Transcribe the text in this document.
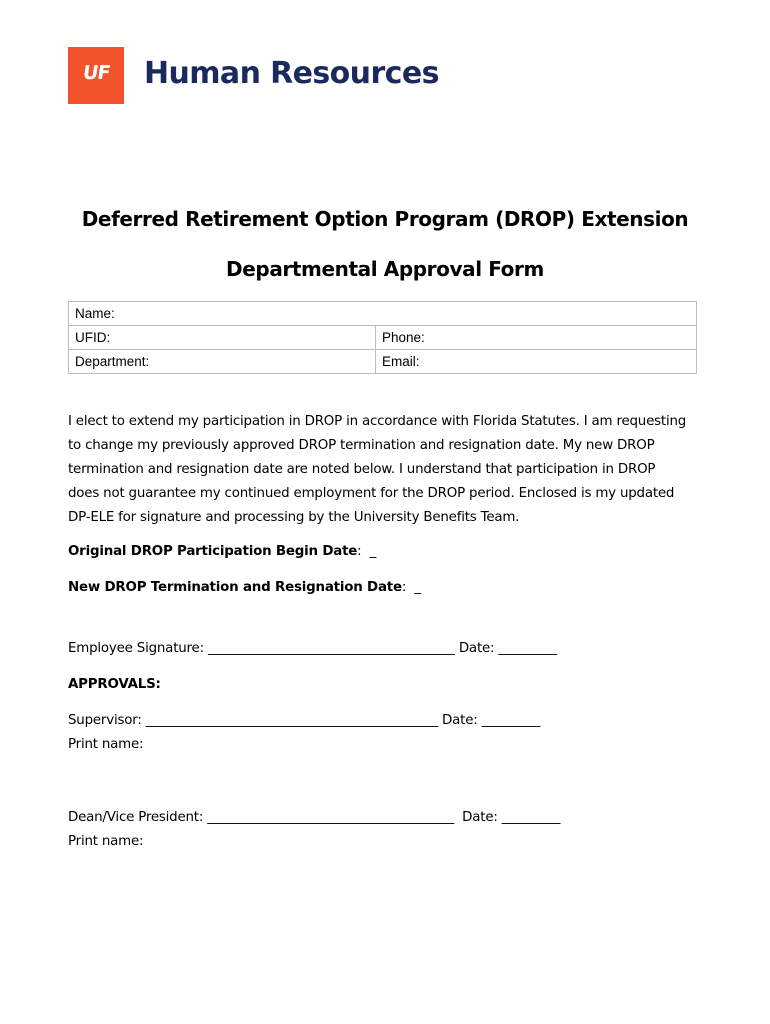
UF Human Resources
Deferred Retirement Option Program (DROP) Extension
Departmental Approval Form
Name:	
UFID:	Phone:
Department:	Email:
I elect to extend my participation in DROP in accordance with Florida Statutes. I am requesting
to change my previously approved DROP termination and resignation date. My new DROP
termination and resignation date are noted below. I understand that participation in DROP
does not guarantee my continued employment for the DROP period. Enclosed is my updated
DP-ELE for signature and processing by the University Benefits Team.
Original DROP Participation Begin Date:  _
New DROP Termination and Resignation Date:  _
Employee Signature: ______________________________________ Date: _________
APPROVALS:
Supervisor: _____________________________________________ Date: _________
Print name:
Dean/Vice President: ______________________________________  Date: _________
Print name:
